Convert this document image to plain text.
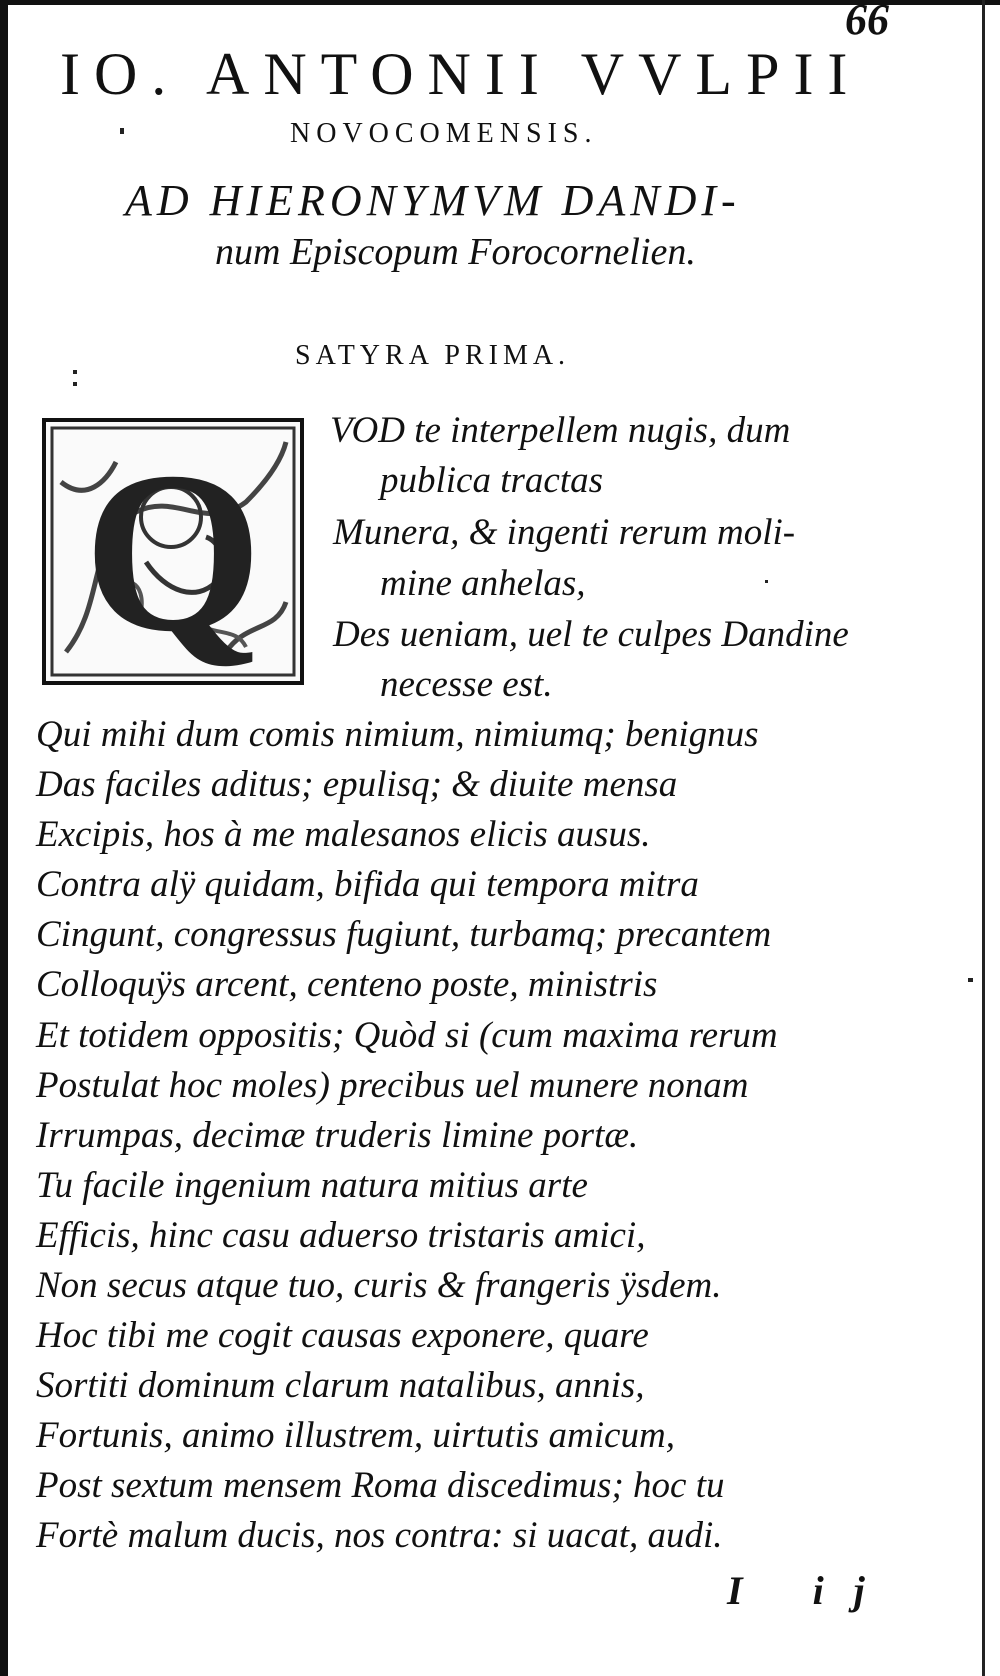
66
IO. ANTONII VVLPII
NOVOCOMENSIS.
AD HIERONYMVM DANDI-
num Episcopum Forocornelien.
SATYRA PRIMA.
Q	VOD te interpellem nugis, dum
publica tractas
Munera, & ingenti rerum moli-
mine anhelas,
Des ueniam, uel te culpes Dandine
necesse est.
Qui mihi dum comis nimium, nimiumq; benignus
Das faciles aditus; epulisq; & diuite mensa
Excipis, hos à me malesanos elicis ausus.
Contra alÿ quidam, bifida qui tempora mitra
Cingunt, congressus fugiunt, turbamq; precantem
Colloquÿs arcent, centeno poste, ministris
Et totidem oppositis; Quòd si (cum maxima rerum
Postulat hoc moles) precibus uel munere nonam
Irrumpas, decimæ truderis limine portæ.
Tu facile ingenium natura mitius arte
Efficis, hinc casu aduerso tristaris amici,
Non secus atque tuo, curis & frangeris ÿsdem.
Hoc tibi me cogit causas exponere, quare
Sortiti dominum clarum natalibus, annis,
Fortunis, animo illustrem, uirtutis amicum,
Post sextum mensem Roma discedimus; hoc tu
Fortè malum ducis, nos contra: si uacat, audi.
I ij
